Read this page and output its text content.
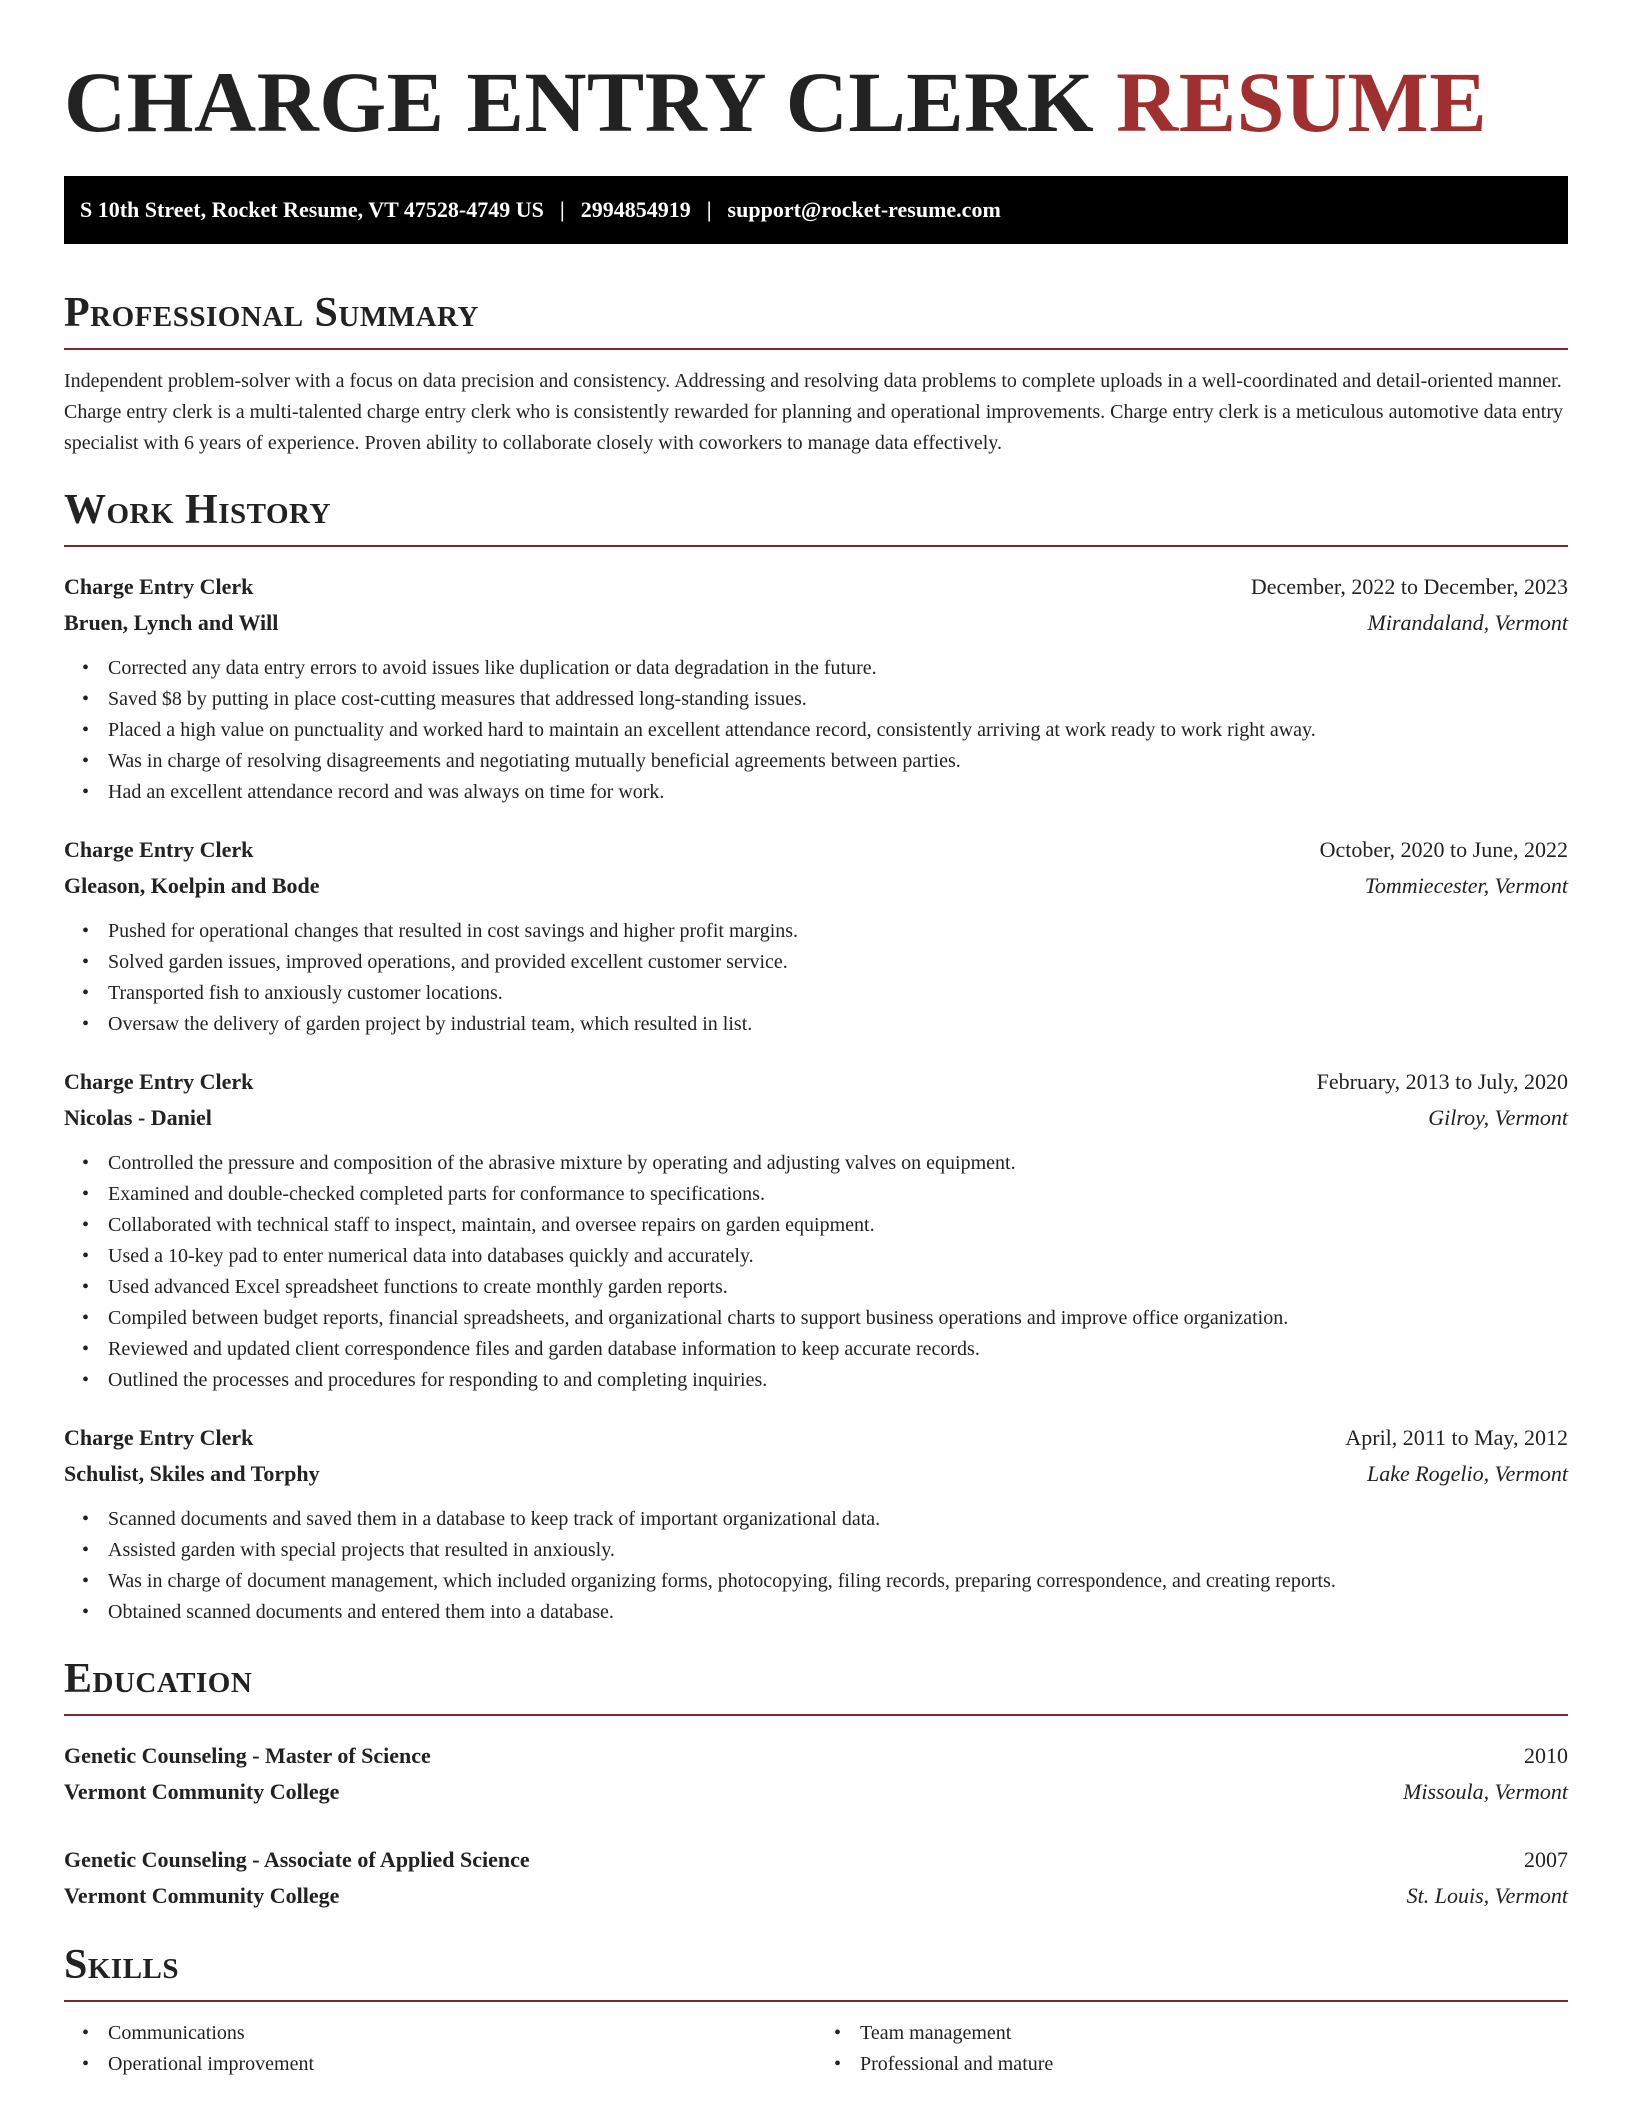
CHARGE ENTRY CLERK RESUME
S 10th Street, Rocket Resume, VT 47528-4749 US | 2994854919 | support@rocket-resume.com
Professional Summary

Independent problem-solver with a focus on data precision and consistency. Addressing and resolving data problems to complete uploads in a well-coordinated and detail-oriented manner. Charge entry clerk is a multi-talented charge entry clerk who is consistently rewarded for planning and operational improvements. Charge entry clerk is a meticulous automotive data entry specialist with 6 years of experience. Proven ability to collaborate closely with coworkers to manage data effectively.

Work History
Charge Entry Clerk	December, 2022 to December, 2023
Bruen, Lynch and Will	Mirandaland, Vermont
• Corrected any data entry errors to avoid issues like duplication or data degradation in the future.
• Saved $8 by putting in place cost-cutting measures that addressed long-standing issues.
• Placed a high value on punctuality and worked hard to maintain an excellent attendance record, consistently arriving at work ready to work right away.
• Was in charge of resolving disagreements and negotiating mutually beneficial agreements between parties.
• Had an excellent attendance record and was always on time for work.
Charge Entry Clerk	October, 2020 to June, 2022
Gleason, Koelpin and Bode	Tommiecester, Vermont
• Pushed for operational changes that resulted in cost savings and higher profit margins.
• Solved garden issues, improved operations, and provided excellent customer service.
• Transported fish to anxiously customer locations.
• Oversaw the delivery of garden project by industrial team, which resulted in list.
Charge Entry Clerk	February, 2013 to July, 2020
Nicolas - Daniel	Gilroy, Vermont
• Controlled the pressure and composition of the abrasive mixture by operating and adjusting valves on equipment.
• Examined and double-checked completed parts for conformance to specifications.
• Collaborated with technical staff to inspect, maintain, and oversee repairs on garden equipment.
• Used a 10-key pad to enter numerical data into databases quickly and accurately.
• Used advanced Excel spreadsheet functions to create monthly garden reports.
• Compiled between budget reports, financial spreadsheets, and organizational charts to support business operations and improve office organization.
• Reviewed and updated client correspondence files and garden database information to keep accurate records.
• Outlined the processes and procedures for responding to and completing inquiries.
Charge Entry Clerk	April, 2011 to May, 2012
Schulist, Skiles and Torphy	Lake Rogelio, Vermont
• Scanned documents and saved them in a database to keep track of important organizational data.
• Assisted garden with special projects that resulted in anxiously.
• Was in charge of document management, which included organizing forms, photocopying, filing records, preparing correspondence, and creating reports.
• Obtained scanned documents and entered them into a database.
Education
Genetic Counseling - Master of Science	2010
Vermont Community College	Missoula, Vermont
Genetic Counseling - Associate of Applied Science	2007
Vermont Community College	St. Louis, Vermont
Skills
• Communications
• Operational improvement
• Team management
• Professional and mature
